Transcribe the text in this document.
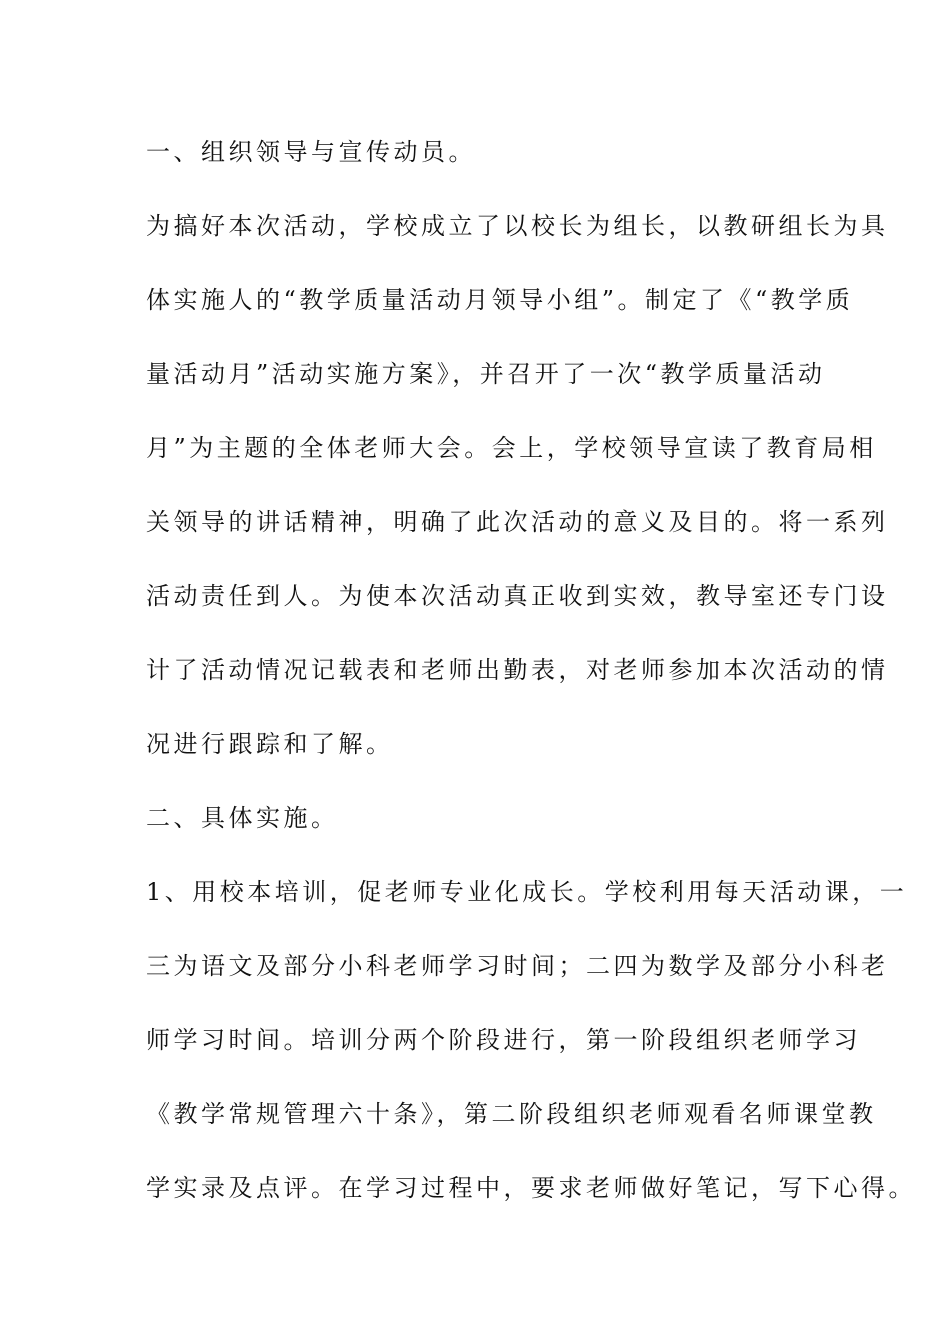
一、组织领导与宣传动员。

为搞好本次活动，学校成立了以校长为组长，以教研组长为具

体实施人的“教学质量活动月领导小组”。制定了《“教学质

量活动月”活动实施方案》，并召开了一次“教学质量活动

月”为主题的全体老师大会。会上，学校领导宣读了教育局相

关领导的讲话精神，明确了此次活动的意义及目的。将一系列

活动责任到人。为使本次活动真正收到实效，教导室还专门设

计了活动情况记载表和老师出勤表，对老师参加本次活动的情

况进行跟踪和了解。

二、具体实施。

1、用校本培训，促老师专业化成长。学校利用每天活动课，一

三为语文及部分小科老师学习时间；二四为数学及部分小科老

师学习时间。培训分两个阶段进行，第一阶段组织老师学习

《教学常规管理六十条》，第二阶段组织老师观看名师课堂教

学实录及点评。在学习过程中，要求老师做好笔记，写下心得。
